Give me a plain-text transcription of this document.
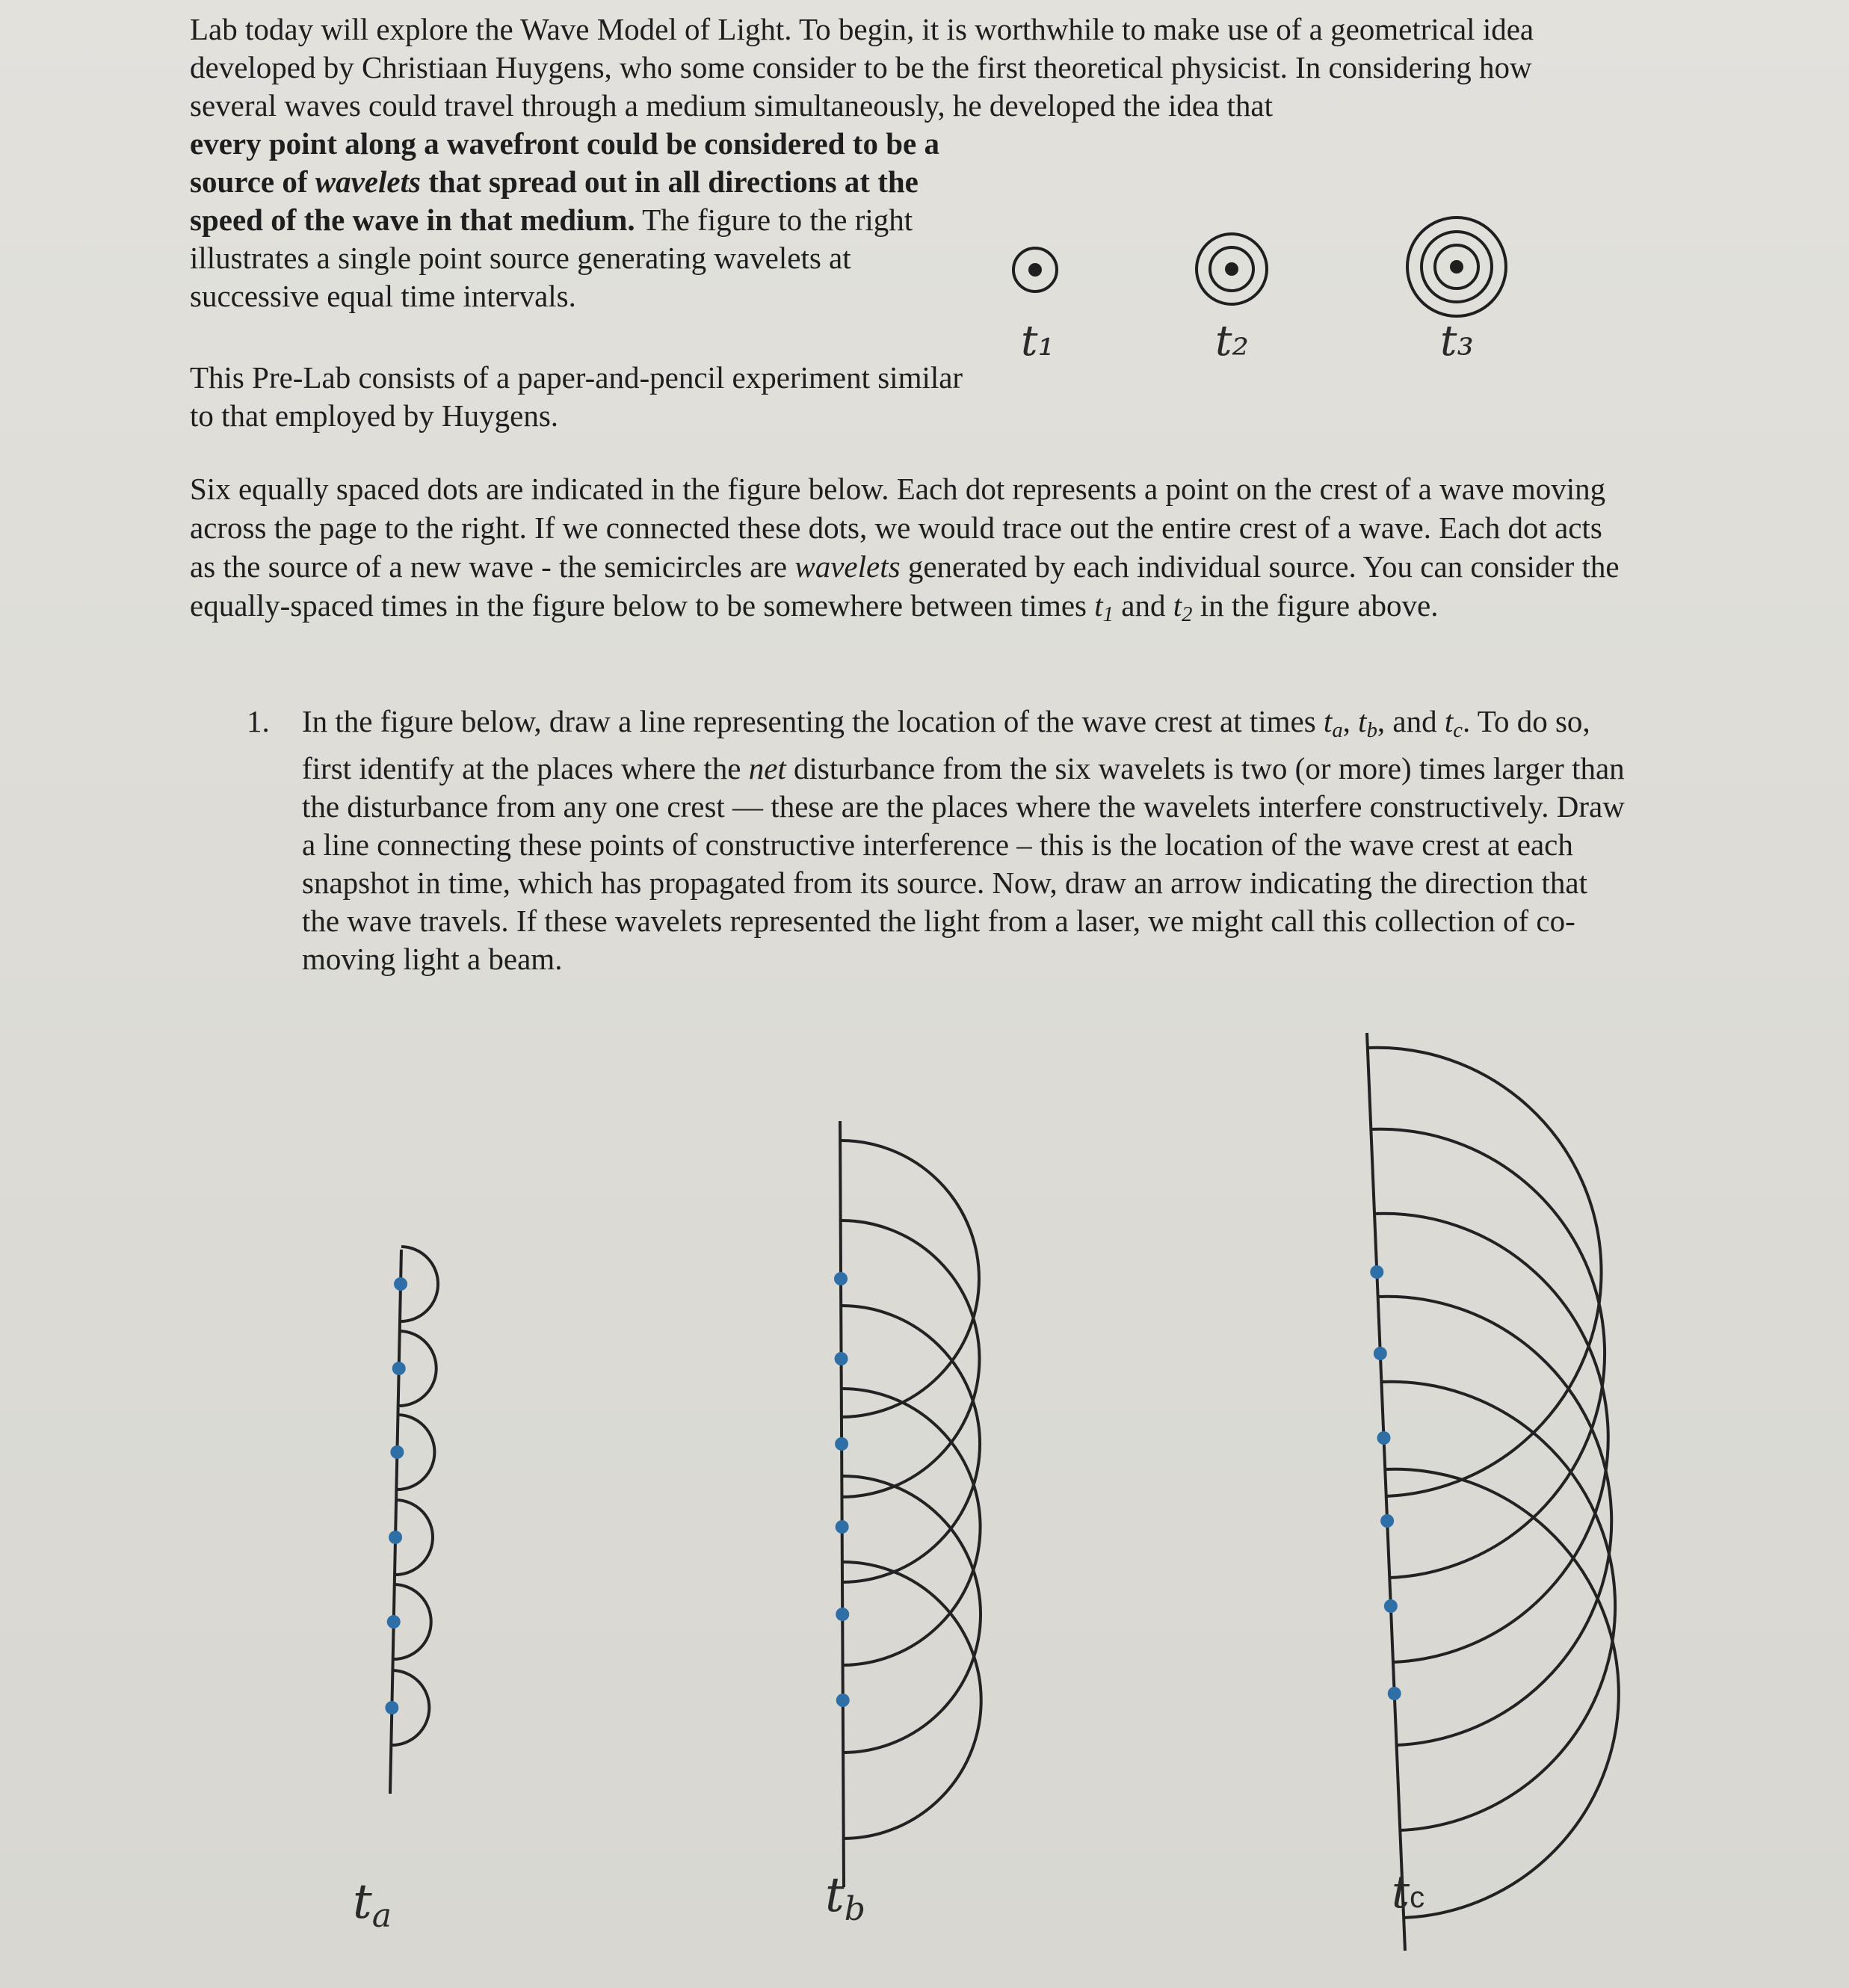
Lab today will explore the Wave Model of Light. To begin, it is worthwhile to make use of a geometrical idea developed by Christiaan Huygens, who some consider to be the first theoretical physicist. In considering how several waves could travel through a medium simultaneously, he developed the idea that

every point along a wavefront could be considered to be a source of wavelets that spread out in all directions at the speed of the wave in that medium. The figure to the right illustrates a single point source generating wavelets at successive equal time intervals.

This Pre-Lab consists of a paper-and-pencil experiment similar to that employed by Huygens.

Six equally spaced dots are indicated in the figure below. Each dot represents a point on the crest of a wave moving across the page to the right. If we connected these dots, we would trace out the entire crest of a wave. Each dot acts as the source of a new wave - the semicircles are wavelets generated by each individual source. You can consider the equally-spaced times in the figure below to be somewhere between times $t_1$ and $t_2$ in the figure above.

1. In the figure below, draw a line representing the location of the wave crest at times $t_a$, $t_b$, and $t_c$. To do so, first identify at the places where the net disturbance from the six wavelets is two (or more) times larger than the disturbance from any one crest — these are the places where the wavelets interfere constructively. Draw a line connecting these points of constructive interference – this is the location of the wave crest at each snapshot in time, which has propagated from its source. Now, draw an arrow indicating the direction that the wave travels. If these wavelets represented the light from a laser, we might call this collection of co-moving light a beam.

t₁	t₂	t₃
ta	tb	tc
